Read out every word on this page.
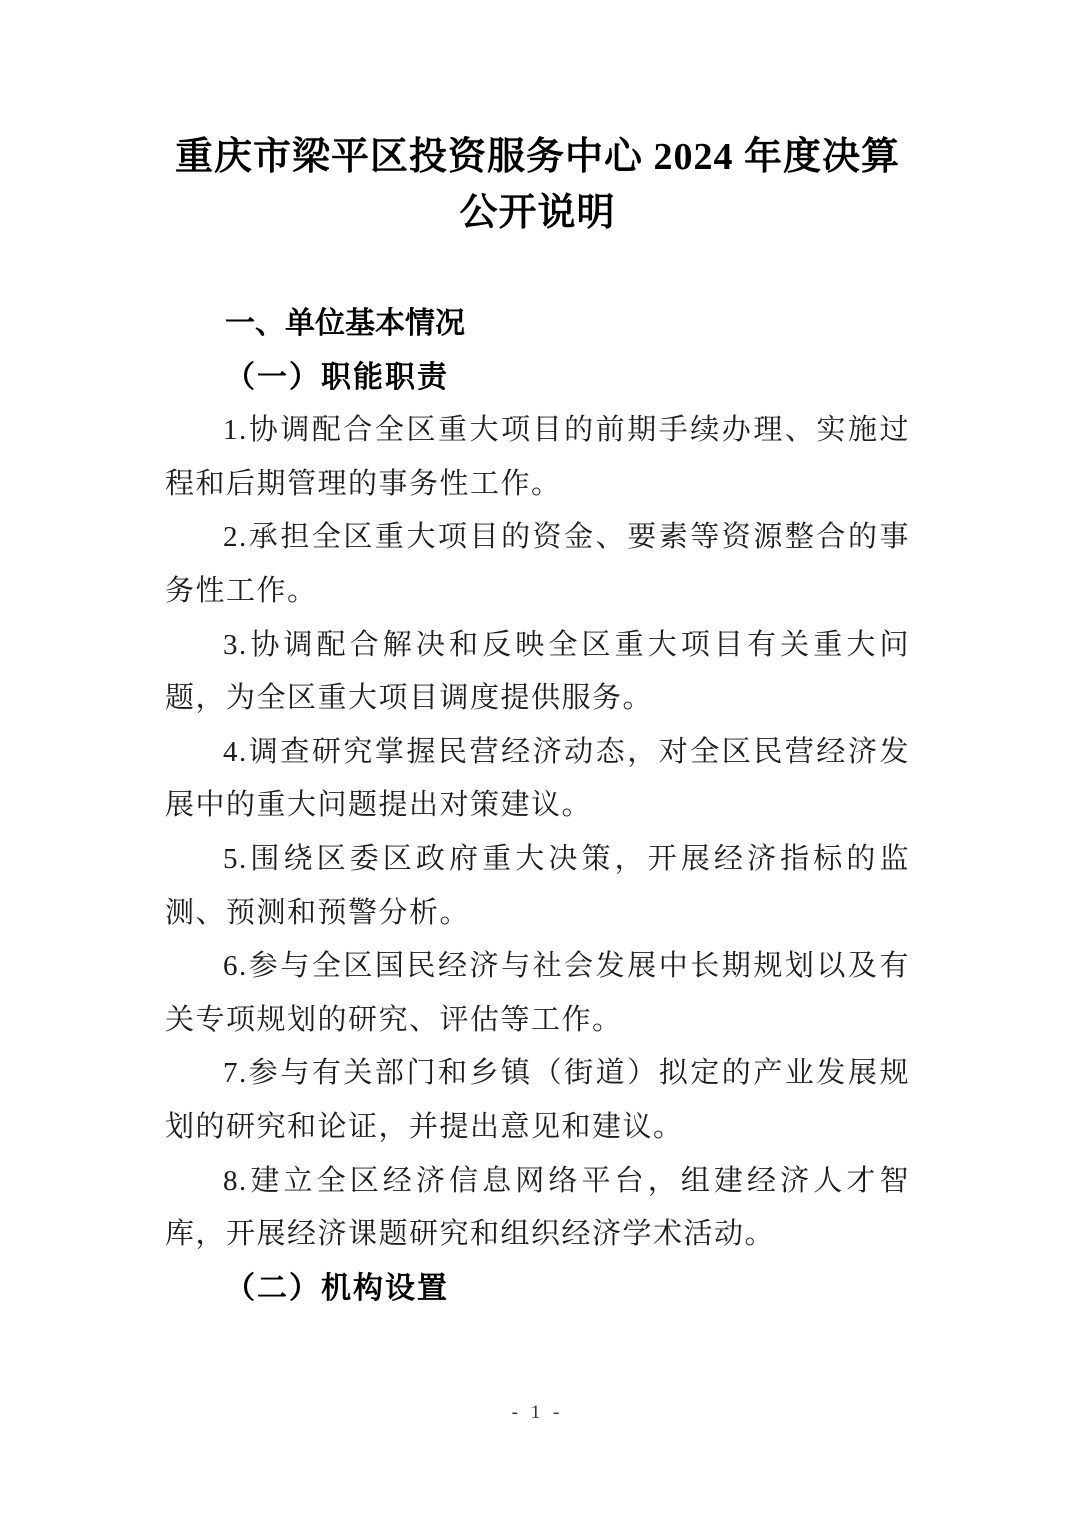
重庆市梁平区投资服务中心 2024 年度决算
公开说明
一、单位基本情况
（一）职能职责

1.协调配合全区重大项目的前期手续办理、实施过程和后期管理的事务性工作。

2.承担全区重大项目的资金、要素等资源整合的事务性工作。

3.协调配合解决和反映全区重大项目有关重大问题，为全区重大项目调度提供服务。

4.调查研究掌握民营经济动态，对全区民营经济发展中的重大问题提出对策建议。

5.围绕区委区政府重大决策，开展经济指标的监测、预测和预警分析。

6.参与全区国民经济与社会发展中长期规划以及有关专项规划的研究、评估等工作。

7.参与有关部门和乡镇（街道）拟定的产业发展规划的研究和论证，并提出意见和建议。

8.建立全区经济信息网络平台，组建经济人才智库，开展经济课题研究和组织经济学术活动。

（二）机构设置
- 1 -
